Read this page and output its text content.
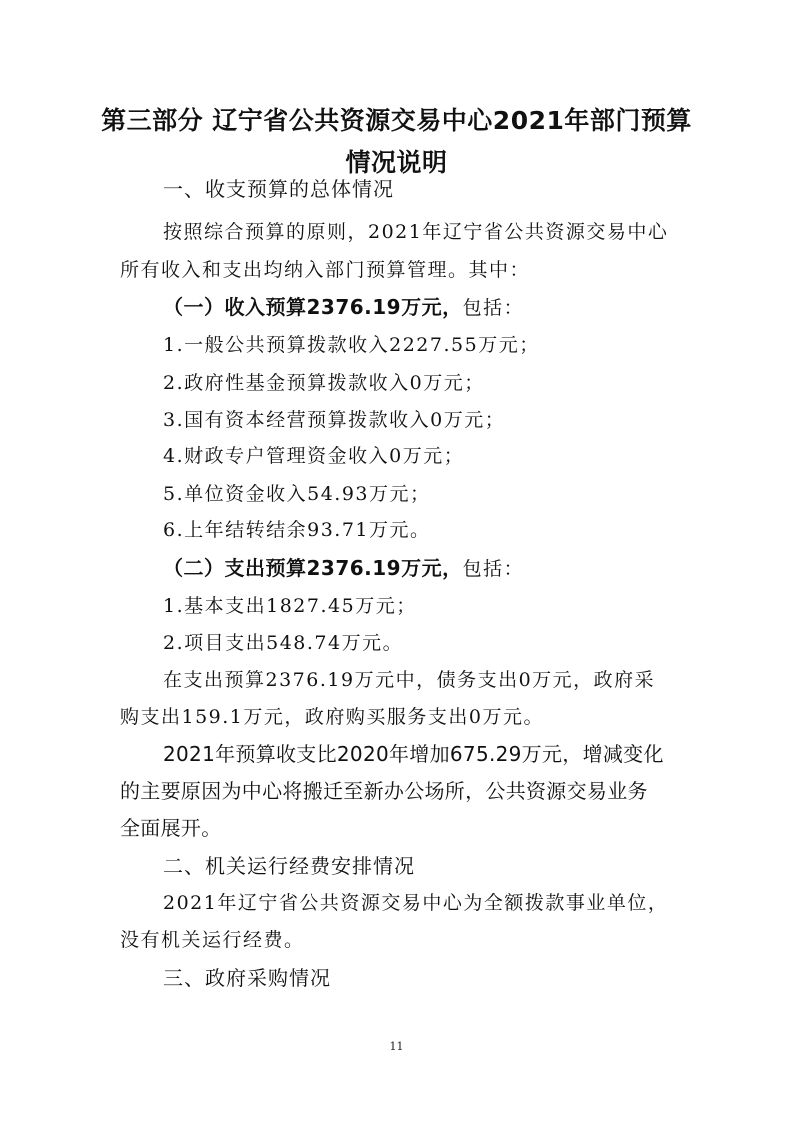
第三部分 辽宁省公共资源交易中心2021年部门预算
情况说明
一、收支预算的总体情况
按照综合预算的原则，2021年辽宁省公共资源交易中心
所有收入和支出均纳入部门预算管理。其中：
（一）收入预算2376.19万元，包括：
1.一般公共预算拨款收入2227.55万元；
2.政府性基金预算拨款收入0万元；
3.国有资本经营预算拨款收入0万元；
4.财政专户管理资金收入0万元；
5.单位资金收入54.93万元；
6.上年结转结余93.71万元。
（二）支出预算2376.19万元，包括：
1.基本支出1827.45万元；
2.项目支出548.74万元。
在支出预算2376.19万元中，债务支出0万元，政府采
购支出159.1万元，政府购买服务支出0万元。
2021年预算收支比2020年增加675.29万元，增减变化
的主要原因为中心将搬迁至新办公场所，公共资源交易业务
全面展开。
二、机关运行经费安排情况
2021年辽宁省公共资源交易中心为全额拨款事业单位，
没有机关运行经费。
三、政府采购情况
11
